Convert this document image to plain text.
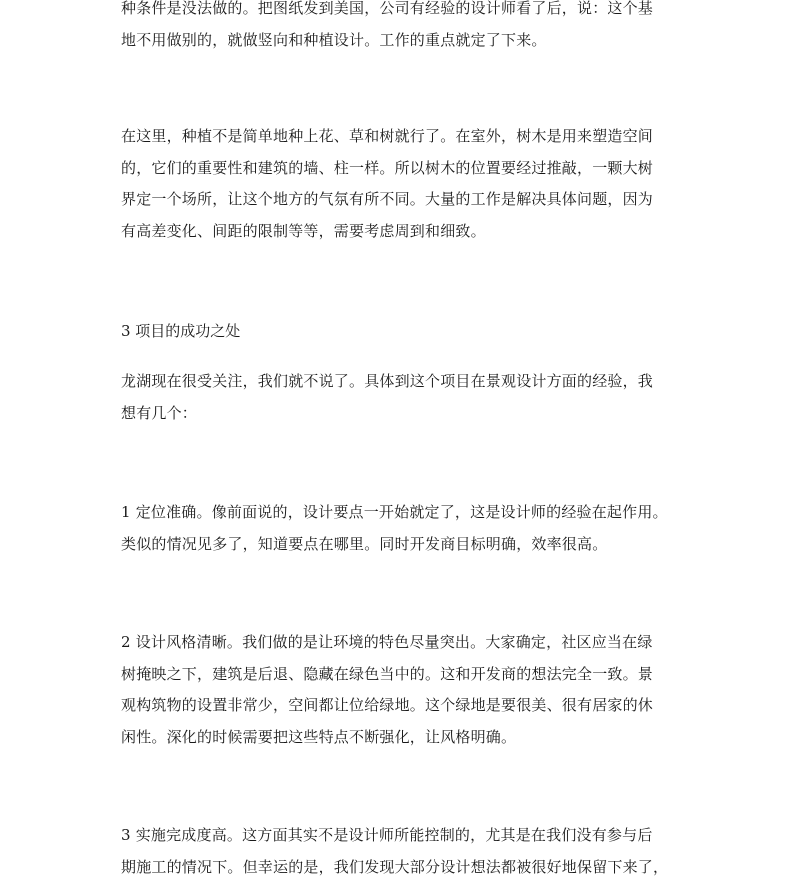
种条件是没法做的。把图纸发到美国，公司有经验的设计师看了后，说：这个基
地不用做别的，就做竖向和种植设计。工作的重点就定了下来。

在这里，种植不是简单地种上花、草和树就行了。在室外，树木是用来塑造空间
的，它们的重要性和建筑的墙、柱一样。所以树木的位置要经过推敲，一颗大树
界定一个场所，让这个地方的气氛有所不同。大量的工作是解决具体问题，因为
有高差变化、间距的限制等等，需要考虑周到和细致。

3 项目的成功之处

龙湖现在很受关注，我们就不说了。具体到这个项目在景观设计方面的经验，我
想有几个：

1 定位准确。像前面说的，设计要点一开始就定了，这是设计师的经验在起作用。
类似的情况见多了，知道要点在哪里。同时开发商目标明确，效率很高。

2 设计风格清晰。我们做的是让环境的特色尽量突出。大家确定，社区应当在绿
树掩映之下，建筑是后退、隐藏在绿色当中的。这和开发商的想法完全一致。景
观构筑物的设置非常少，空间都让位给绿地。这个绿地是要很美、很有居家的休
闲性。深化的时候需要把这些特点不断强化，让风格明确。

3 实施完成度高。这方面其实不是设计师所能控制的，尤其是在我们没有参与后
期施工的情况下。但幸运的是，我们发现大部分设计想法都被很好地保留下来了，
